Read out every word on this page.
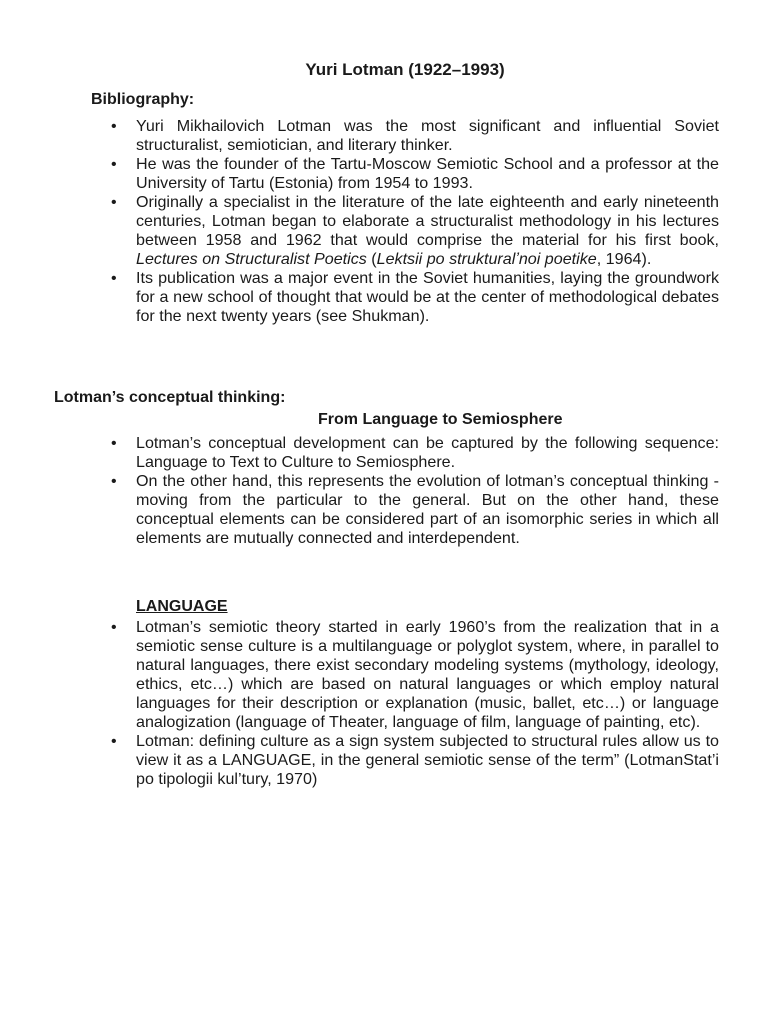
Yuri Lotman (1922–1993)
Bibliography:
• Yuri Mikhailovich Lotman was the most significant and influential Soviet structuralist, semiotician, and literary thinker.
• He was the founder of the Tartu-Moscow Semiotic School and a professor at the University of Tartu (Estonia) from 1954 to 1993.
• Originally a specialist in the literature of the late eighteenth and early nineteenth centuries, Lotman began to elaborate a structuralist methodology in his lectures between 1958 and 1962 that would comprise the material for his first book, Lectures on Structuralist Poetics (Lektsii po strukturalʼnoi poetike, 1964).
• Its publication was a major event in the Soviet humanities, laying the groundwork for a new school of thought that would be at the center of methodological debates for the next twenty years (see Shukman).
Lotman’s conceptual thinking:
From Language to Semiosphere
• Lotman’s conceptual development can be captured by the following sequence: Language to Text to Culture to Semiosphere.
• On the other hand, this represents the evolution of lotman’s conceptual thinking - moving from the particular to the general. But on the other hand, these conceptual elements can be considered part of an isomorphic series in which all elements are mutually connected and interdependent.
LANGUAGE
• Lotman’s semiotic theory started in early 1960’s from the realization that in a semiotic sense culture is a multilanguage or polyglot system, where, in parallel to natural languages, there exist secondary modeling systems (mythology, ideology, ethics, etc…) which are based on natural languages or which employ natural languages for their description or explanation (music, ballet, etc…) or language analogization (language of Theater, language of film, language of painting, etc).
• Lotman: defining culture as a sign system subjected to structural rules allow us to view it as a LANGUAGE, in the general semiotic sense of the term” (LotmanStat’i po tipologii kul’tury, 1970)
